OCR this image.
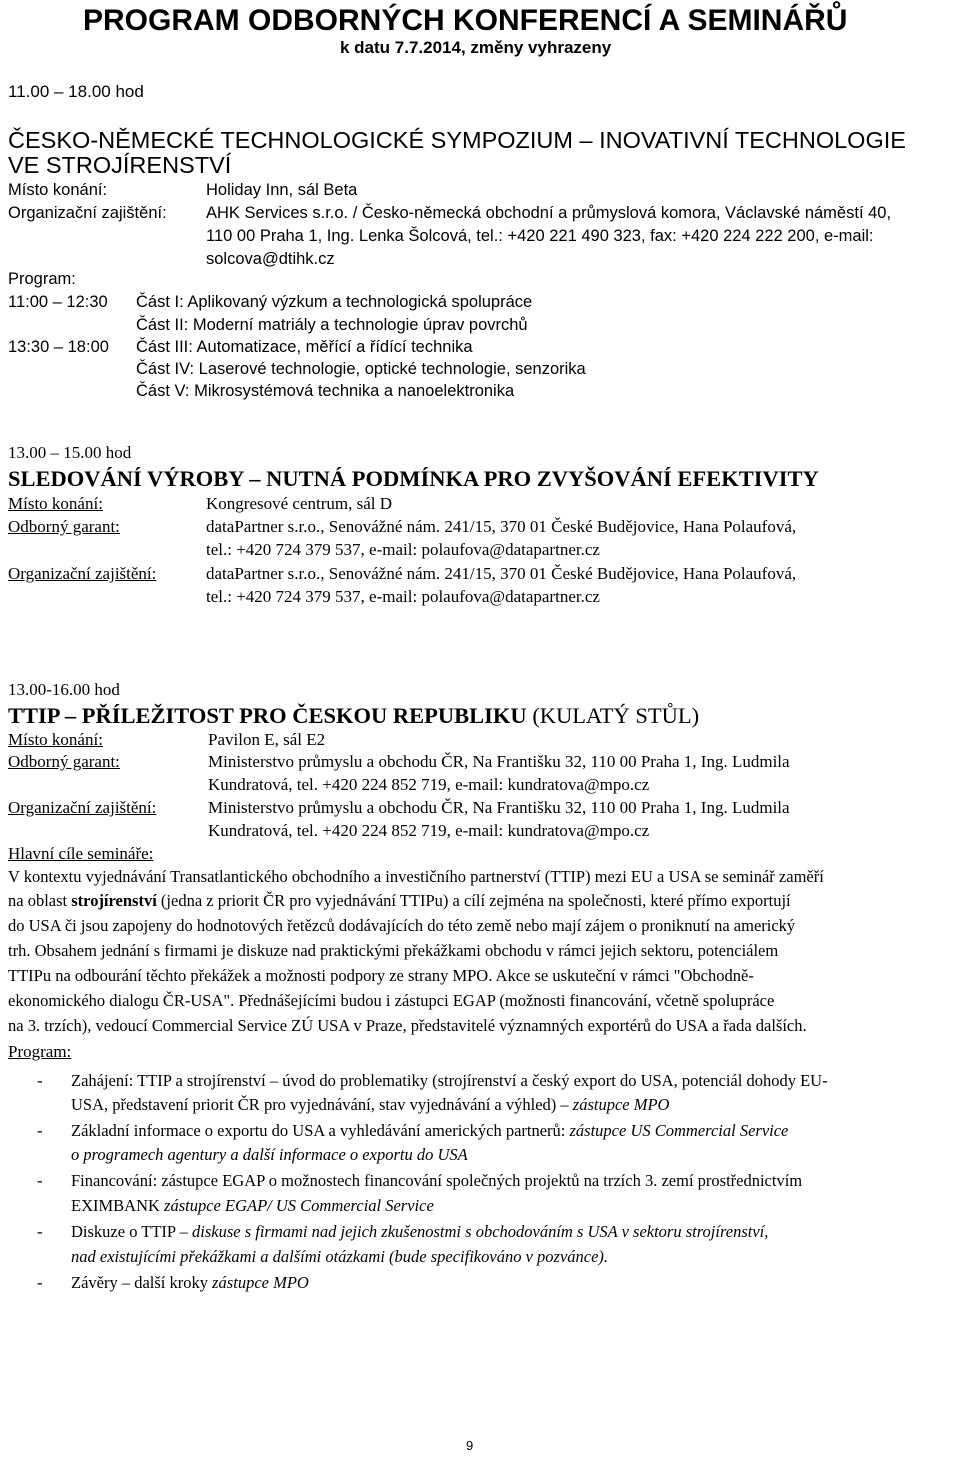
PROGRAM ODBORNÝCH KONFERENCÍ A SEMINÁŘŮ
k datu 7.7.2014, změny vyhrazeny
11.00 – 18.00 hod
ČESKO-NĚMECKÉ TECHNOLOGICKÉ SYMPOZIUM – INOVATIVNÍ TECHNOLOGIE
VE STROJÍRENSTVÍ
Místo konání:	Holiday Inn, sál Beta
Organizační zajištění: AHK Services s.r.o. / Česko-německá obchodní a průmyslová komora, Václavské náměstí 40,
110 00 Praha 1, Ing. Lenka Šolcová, tel.: +420 221 490 323, fax: +420 224 222 200, e-mail:
solcova@dtihk.cz
Program:
11:00 – 12:30 Část I: Aplikovaný výzkum a technologická spolupráce
Část II: Moderní matriály a technologie úprav povrchů
13:30 – 18:00 Část III: Automatizace, měřící a řídící technika
Část IV: Laserové technologie, optické technologie, senzorika
Část V: Mikrosystémová technika a nanoelektronika
13.00 – 15.00 hod
SLEDOVÁNÍ VÝROBY – NUTNÁ PODMÍNKA PRO ZVYŠOVÁNÍ EFEKTIVITY
Místo konání:	Kongresové centrum, sál D
Odborný garant:	dataPartner s.r.o., Senovážné nám. 241/15, 370 01 České Budějovice, Hana Polaufová,
tel.: +420 724 379 537, e-mail: polaufova@datapartner.cz
Organizační zajištění:	dataPartner s.r.o., Senovážné nám. 241/15, 370 01 České Budějovice, Hana Polaufová,
tel.: +420 724 379 537, e-mail: polaufova@datapartner.cz
13.00-16.00 hod
TTIP – PŘÍLEŽITOST PRO ČESKOU REPUBLIKU (KULATÝ STŮL)
Místo konání:	Pavilon E, sál E2
Odborný garant:	Ministerstvo průmyslu a obchodu ČR, Na Františku 32, 110 00 Praha 1, Ing. Ludmila
Kundratová, tel. +420 224 852 719, e-mail: kundratova@mpo.cz
Organizační zajištění:	Ministerstvo průmyslu a obchodu ČR, Na Františku 32, 110 00 Praha 1, Ing. Ludmila
Kundratová, tel. +420 224 852 719, e-mail: kundratova@mpo.cz
Hlavní cíle semináře:
V kontextu vyjednávání Transatlantického obchodního a investičního partnerství (TTIP) mezi EU a USA se seminář zaměří
na oblast strojírenství (jedna z priorit ČR pro vyjednávání TTIPu) a cílí zejména na společnosti, které přímo exportují
do USA či jsou zapojeny do hodnotových řetězců dodávajících do této země nebo mají zájem o proniknutí na americký
trh. Obsahem jednání s firmami je diskuze nad praktickými překážkami obchodu v rámci jejich sektoru, potenciálem
TTIPu na odbourání těchto překážek a možnosti podpory ze strany MPO. Akce se uskuteční v rámci "Obchodně-
ekonomického dialogu ČR-USA". Přednášejícími budou i zástupci EGAP (možnosti financování, včetně spolupráce
na 3. trzích), vedoucí Commercial Service ZÚ USA v Praze, představitelé významných exportérů do USA a řada dalších.
Program:
- Zahájení: TTIP a strojírenství – úvod do problematiky (strojírenství a český export do USA, potenciál dohody EU-
USA, představení priorit ČR pro vyjednávání, stav vyjednávání a výhled) – zástupce MPO
- Základní informace o exportu do USA a vyhledávání amerických partnerů: zástupce US Commercial Service
o programech agentury a další informace o exportu do USA
- Financování: zástupce EGAP o možnostech financování společných projektů na trzích 3. zemí prostřednictvím
EXIMBANK zástupce EGAP/ US Commercial Service
- Diskuze o TTIP – diskuse s firmami nad jejich zkušenostmi s obchodováním s USA v sektoru strojírenství,
nad existujícími překážkami a dalšími otázkami (bude specifikováno v pozvánce).
- Závěry – další kroky zástupce MPO
9
